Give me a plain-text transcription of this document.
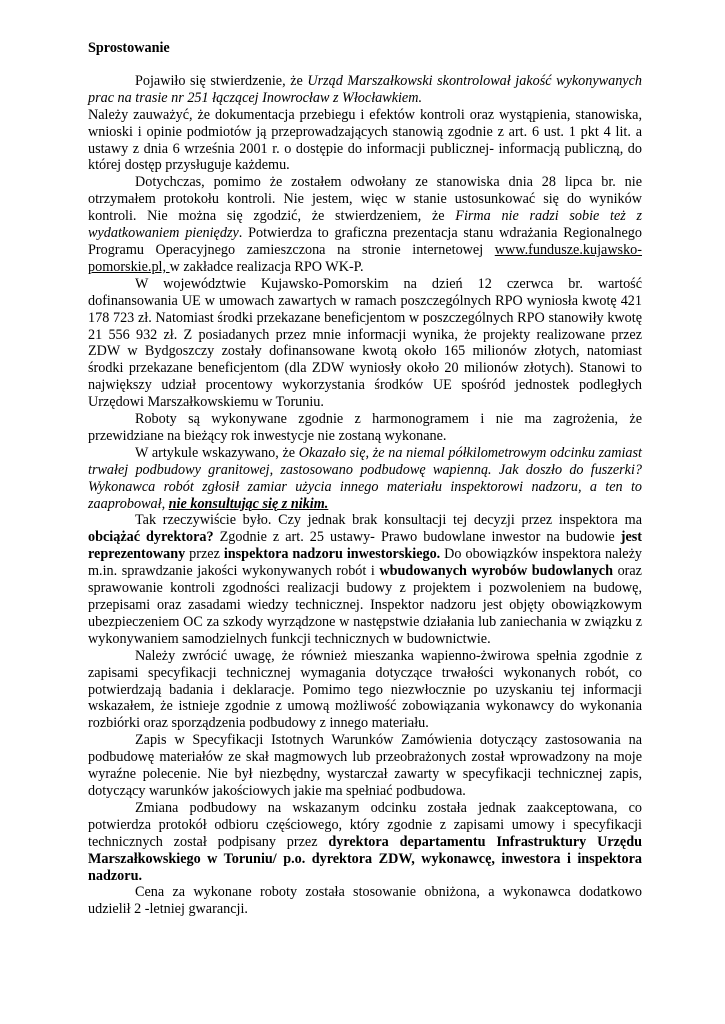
Sprostowanie

Pojawiło się stwierdzenie, że Urząd Marszałkowski skontrolował jakość wykonywanych prac na trasie nr 251 łączącej Inowrocław z Włocławkiem.

Należy zauważyć, że dokumentacja przebiegu i efektów kontroli oraz wystąpienia, stanowiska, wnioski i opinie podmiotów ją przeprowadzających stanowią zgodnie z art. 6 ust. 1 pkt 4 lit. a ustawy z dnia 6 września 2001 r. o dostępie do informacji publicznej- informacją publiczną, do której dostęp przysługuje każdemu.

Dotychczas, pomimo że zostałem odwołany ze stanowiska dnia 28 lipca br. nie otrzymałem protokołu kontroli. Nie jestem, więc w stanie ustosunkować się do wyników kontroli. Nie można się zgodzić, że stwierdzeniem, że Firma nie radzi sobie też z wydatkowaniem pieniędzy. Potwierdza to graficzna prezentacja stanu wdrażania Regionalnego Programu Operacyjnego zamieszczona na stronie internetowej www.fundusze.kujawsko-pomorskie.pl, w zakładce realizacja RPO WK-P.

W województwie Kujawsko-Pomorskim na dzień 12 czerwca br. wartość dofinansowania UE w umowach zawartych w ramach poszczególnych RPO wyniosła kwotę 421 178 723 zł. Natomiast środki przekazane beneficjentom w poszczególnych RPO stanowiły kwotę 21 556 932 zł. Z posiadanych przez mnie informacji wynika, że projekty realizowane przez ZDW w Bydgoszczy zostały dofinansowane kwotą około 165 milionów złotych, natomiast środki przekazane beneficjentom (dla ZDW wyniosły około 20 milionów złotych). Stanowi to największy udział procentowy wykorzystania środków UE spośród jednostek podległych Urzędowi Marszałkowskiemu w Toruniu.

Roboty są wykonywane zgodnie z harmonogramem i nie ma zagrożenia, że przewidziane na bieżący rok inwestycje nie zostaną wykonane.

W artykule wskazywano, że Okazało się, że na niemal półkilometrowym odcinku zamiast trwałej podbudowy granitowej, zastosowano podbudowę wapienną. Jak doszło do fuszerki? Wykonawca robót zgłosił zamiar użycia innego materiału inspektorowi nadzoru, a ten to zaaprobował, nie konsultując się z nikim.

Tak rzeczywiście było. Czy jednak brak konsultacji tej decyzji przez inspektora ma obciążać dyrektora? Zgodnie z art. 25 ustawy- Prawo budowlane inwestor na budowie jest reprezentowany przez inspektora nadzoru inwestorskiego. Do obowiązków inspektora należy m.in. sprawdzanie jakości wykonywanych robót i wbudowanych wyrobów budowlanych oraz sprawowanie kontroli zgodności realizacji budowy z projektem i pozwoleniem na budowę, przepisami oraz zasadami wiedzy technicznej. Inspektor nadzoru jest objęty obowiązkowym ubezpieczeniem OC za szkody wyrządzone w następstwie działania lub zaniechania w związku z wykonywaniem samodzielnych funkcji technicznych w budownictwie.

Należy zwrócić uwagę, że również mieszanka wapienno-żwirowa spełnia zgodnie z zapisami specyfikacji technicznej wymagania dotyczące trwałości wykonanych robót, co potwierdzają badania i deklaracje. Pomimo tego niezwłocznie po uzyskaniu tej informacji wskazałem, że istnieje zgodnie z umową możliwość zobowiązania wykonawcy do wykonania rozbiórki oraz sporządzenia podbudowy z innego materiału.

Zapis w Specyfikacji Istotnych Warunków Zamówienia dotyczący zastosowania na podbudowę materiałów ze skał magmowych lub przeobrażonych został wprowadzony na moje wyraźne polecenie. Nie był niezbędny, wystarczał zawarty w specyfikacji technicznej zapis, dotyczący warunków jakościowych jakie ma spełniać podbudowa.

Zmiana podbudowy na wskazanym odcinku została jednak zaakceptowana, co potwierdza protokół odbioru częściowego, który zgodnie z zapisami umowy i specyfikacji technicznych został podpisany przez dyrektora departamentu Infrastruktury Urzędu Marszałkowskiego w Toruniu/ p.o. dyrektora ZDW, wykonawcę, inwestora i inspektora nadzoru.

Cena za wykonane roboty została stosowanie obniżona, a wykonawca dodatkowo udzielił 2 -letniej gwarancji.
